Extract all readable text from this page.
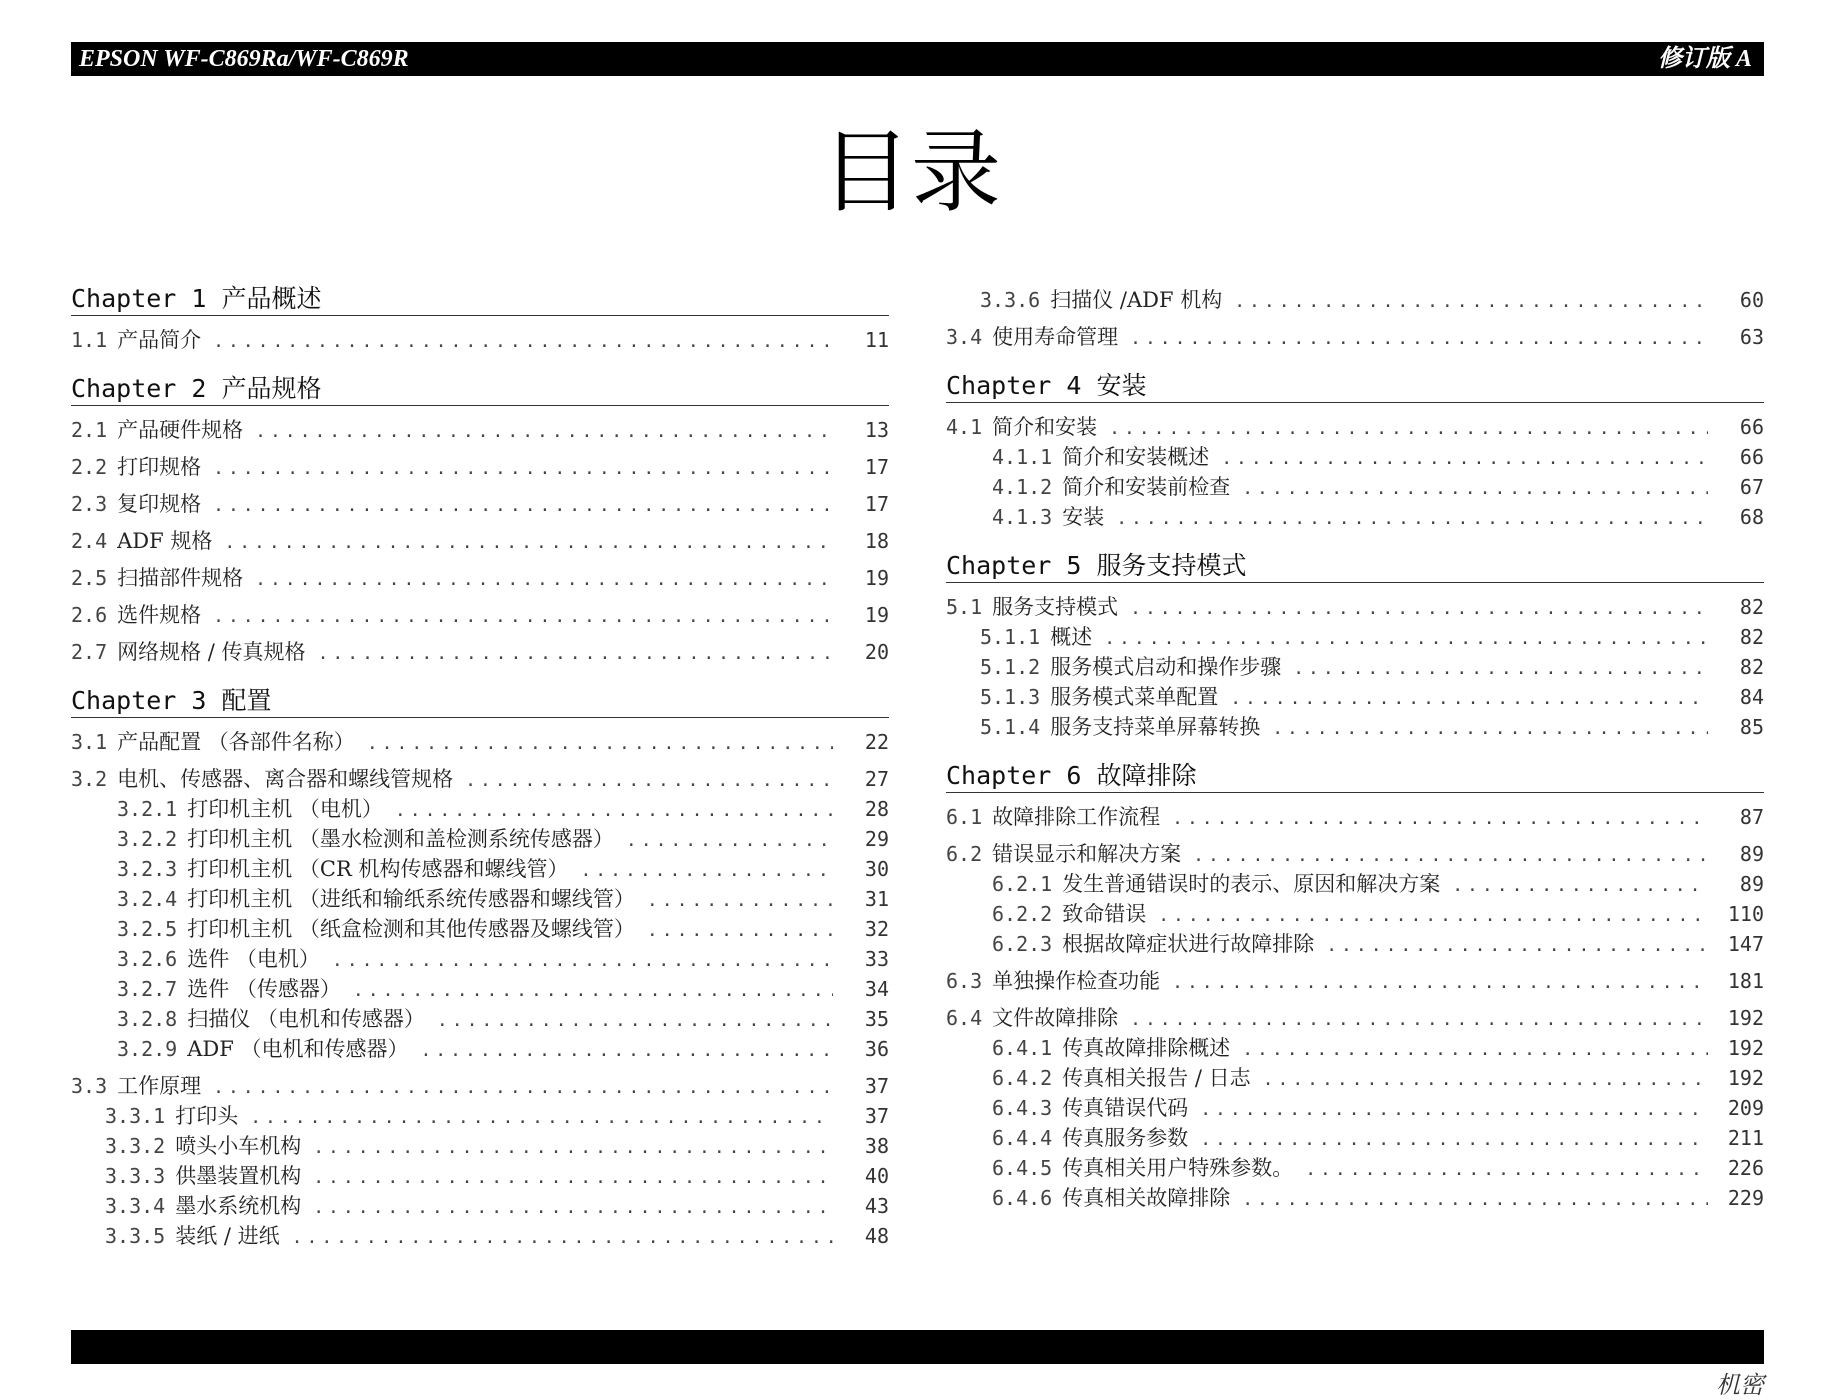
EPSON WF-C869Ra/WF-C869R	修订版 A
目录
Chapter 1 产品概述
1.1 产品简介 .....	11
Chapter 2 产品规格
2.1 产品硬件规格 .....	13
2.2 打印规格 .....	17
2.3 复印规格 .....	17
2.4 ADF 规格 .....	18
2.5 扫描部件规格 .....	19
2.6 选件规格 .....	19
2.7 网络规格 / 传真规格 .....	20
Chapter 3 配置
3.1 产品配置 （各部件名称） .....	22
3.2 电机、传感器、离合器和螺线管规格 .....	27
3.2.1 打印机主机 （电机） .....	28
3.2.2 打印机主机 （墨水检测和盖检测系统传感器） .....	29
3.2.3 打印机主机 （CR 机构传感器和螺线管） .....	30
3.2.4 打印机主机 （进纸和输纸系统传感器和螺线管） .....	31
3.2.5 打印机主机 （纸盒检测和其他传感器及螺线管） .....	32
3.2.6 选件 （电机） .....	33
3.2.7 选件 （传感器） .....	34
3.2.8 扫描仪 （电机和传感器） .....	35
3.2.9 ADF （电机和传感器） .....	36
3.3 工作原理 .....	37
3.3.1 打印头 .....	37
3.3.2 喷头小车机构 .....	38
3.3.3 供墨装置机构 .....	40
3.3.4 墨水系统机构 .....	43
3.3.5 装纸 / 进纸 .....	48
3.3.6 扫描仪 /ADF 机构 .....	60
3.4 使用寿命管理 .....	63
Chapter 4 安装
4.1 简介和安装 .....	66
4.1.1 简介和安装概述 .....	66
4.1.2 简介和安装前检查 .....	67
4.1.3 安装 .....	68
Chapter 5 服务支持模式
5.1 服务支持模式 .....	82
5.1.1 概述 .....	82
5.1.2 服务模式启动和操作步骤 .....	82
5.1.3 服务模式菜单配置 .....	84
5.1.4 服务支持菜单屏幕转换 .....	85
Chapter 6 故障排除
6.1 故障排除工作流程 .....	87
6.2 错误显示和解决方案 .....	89
6.2.1 发生普通错误时的表示、原因和解决方案 .....	89
6.2.2 致命错误 .....	110
6.2.3 根据故障症状进行故障排除 .....	147
6.3 单独操作检查功能 .....	181
6.4 文件故障排除 .....	192
6.4.1 传真故障排除概述 .....	192
6.4.2 传真相关报告 / 日志 .....	192
6.4.3 传真错误代码 .....	209
6.4.4 传真服务参数 .....	211
6.4.5 传真相关用户特殊参数。 .....	226
6.4.6 传真相关故障排除 .....	229
机密
